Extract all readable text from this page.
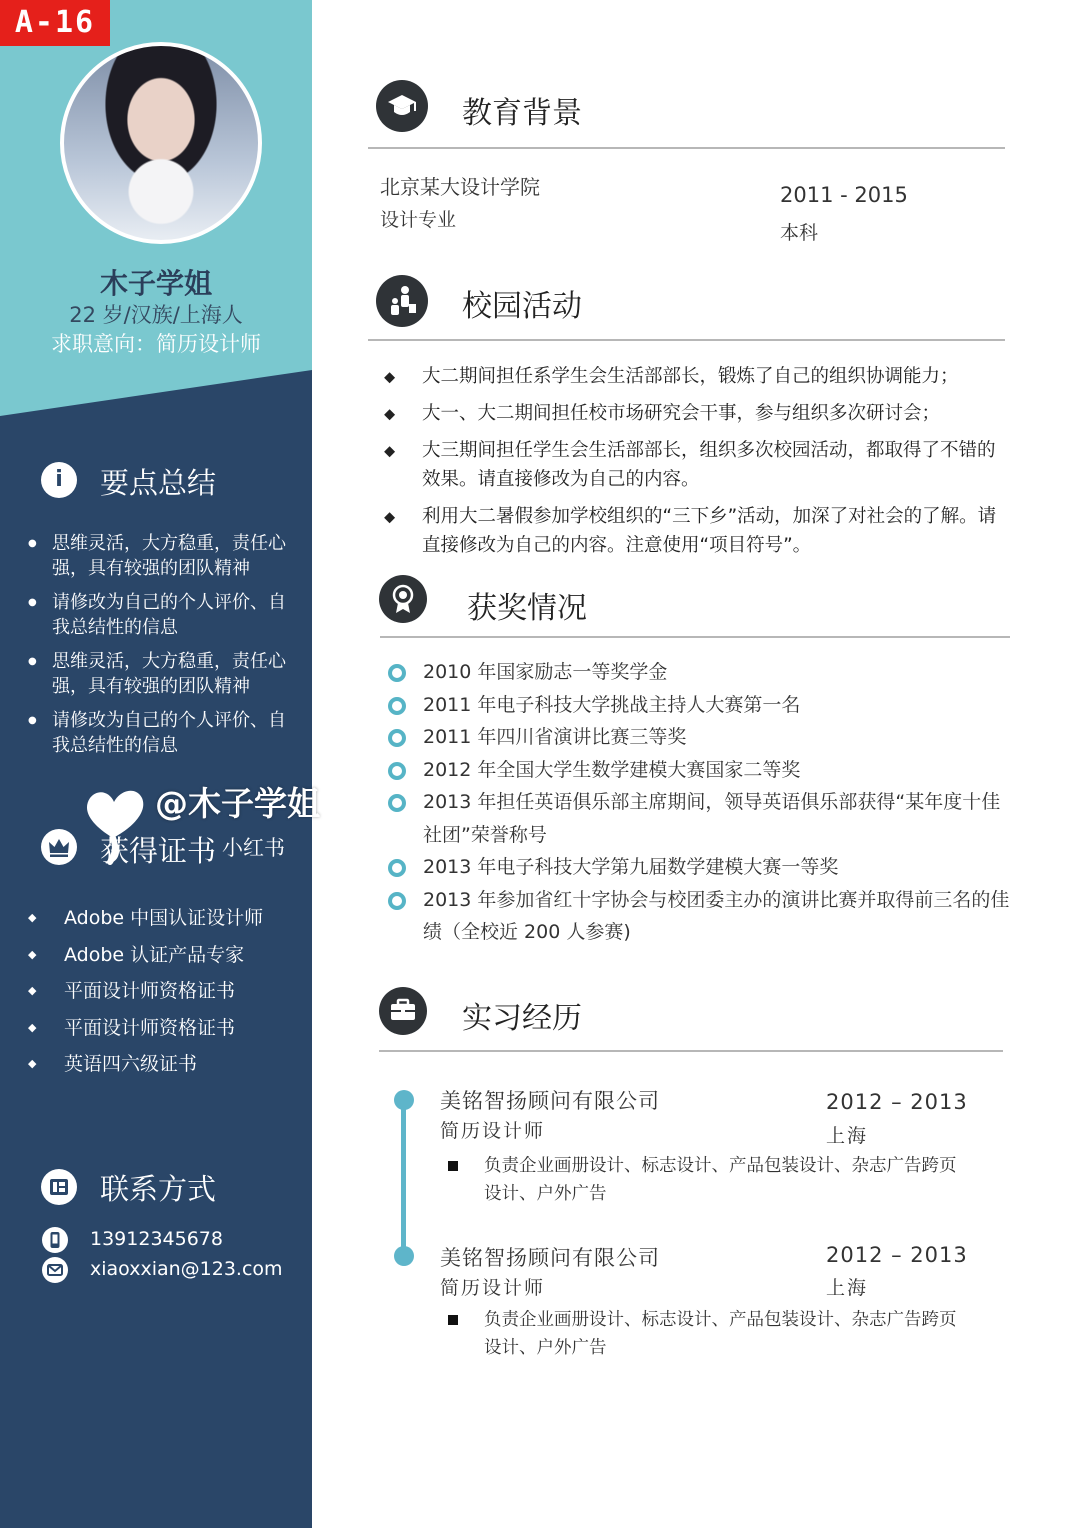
A-16
木子学姐
22 岁/汉族/上海人
求职意向：简历设计师
i	要点总结
● 思维灵活，大方稳重，责任心强，具有较强的团队精神
● 请修改为自己的个人评价、自我总结性的信息
● 思维灵活，大方稳重，责任心强，具有较强的团队精神
● 请修改为自己的个人评价、自我总结性的信息
获得证书
◆ Adobe 中国认证设计师
◆ Adobe 认证产品专家
◆ 平面设计师资格证书
◆ 平面设计师资格证书
◆ 英语四六级证书
@木子学姐
小红书
联系方式
13912345678
xiaoxxian@123.com
教育背景
北京某大设计学院
设计专业
2011 - 2015
本科
校园活动
⬥ 大二期间担任系学生会生活部部长，锻炼了自己的组织协调能力；
⬥ 大一、大二期间担任校市场研究会干事，参与组织多次研讨会；
⬥ 大三期间担任学生会生活部部长，组织多次校园活动，都取得了不错的效果。请直接修改为自己的内容。
⬥ 利用大二暑假参加学校组织的“三下乡”活动，加深了对社会的了解。请直接修改为自己的内容。注意使用“项目符号”。
获奖情况
2010 年国家励志一等奖学金
2011 年电子科技大学挑战主持人大赛第一名
2011 年四川省演讲比赛三等奖
2012 年全国大学生数学建模大赛国家二等奖
2013 年担任英语俱乐部主席期间，领导英语俱乐部获得“某年度十佳社团”荣誉称号
2013 年电子科技大学第九届数学建模大赛一等奖
2013 年参加省红十字协会与校团委主办的演讲比赛并取得前三名的佳绩（全校近 200 人参赛)
实习经历
美铭智扬顾问有限公司
简历设计师
2012 – 2013
上海
负责企业画册设计、标志设计、产品包装设计、杂志广告跨页设计、户外广告
美铭智扬顾问有限公司
简历设计师
2012 – 2013
上海
负责企业画册设计、标志设计、产品包装设计、杂志广告跨页设计、户外广告
